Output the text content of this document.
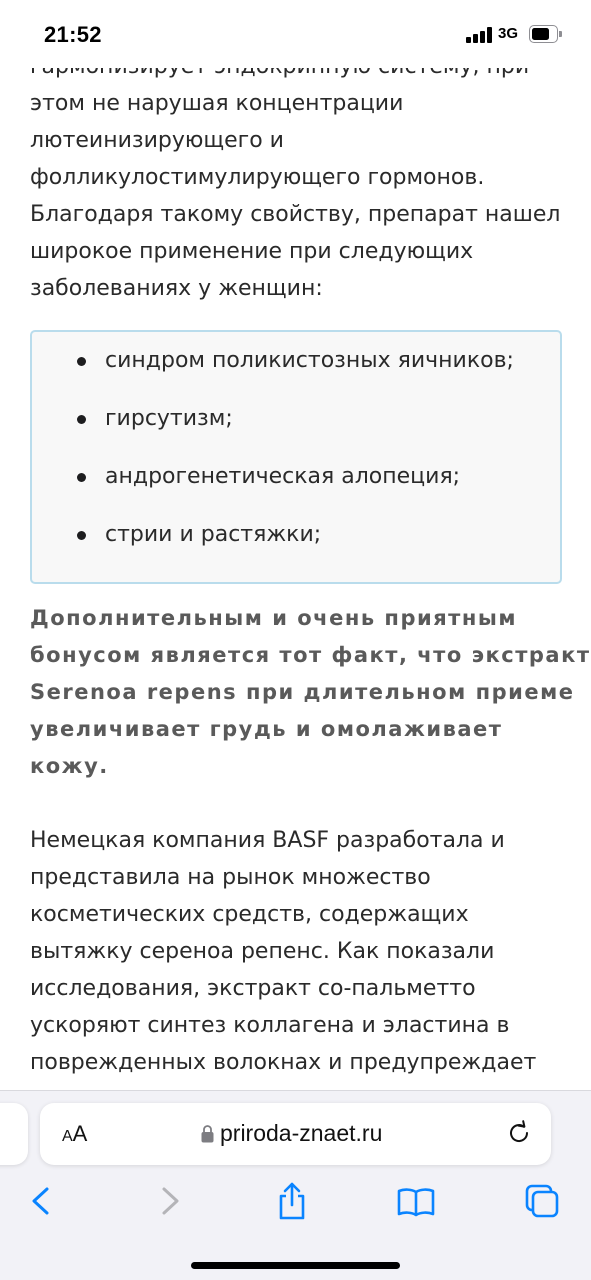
21:52	3G
этом не нарушая концентрации
лютеинизирующего и
фолликулостимулирующего гормонов.
Благодаря такому свойству, препарат нашел
широкое применение при следующих
заболеваниях у женщин:
синдром поликистозных яичников;
гирсутизм;
андрогенетическая алопеция;
стрии и растяжки;
Дополнительным и очень приятным
бонусом является тот факт, что экстракт
Serenoa repens при длительном приеме
увеличивает грудь и омолаживает
кожу.
Немецкая компания BASF разработала и
представила на рынок множество
косметических средств, содержащих
вытяжку сереноа репенс. Как показали
исследования, экстракт со-пальметто
ускоряют синтез коллагена и эластина в
поврежденных волокнах и предупреждает
AA	priroda-znaet.ru
